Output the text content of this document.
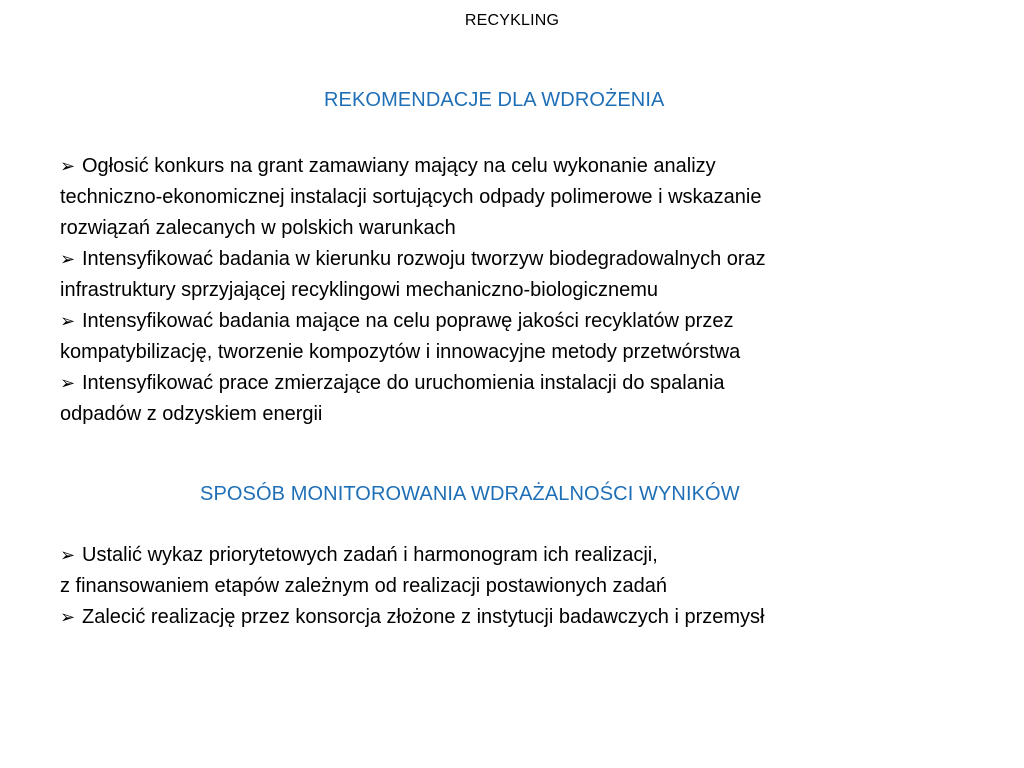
RECYKLING
REKOMENDACJE DLA WDROŻENIA
➢ Ogłosić konkurs na grant zamawiany mający na celu wykonanie analizy
techniczno-ekonomicznej instalacji sortujących odpady polimerowe i wskazanie
rozwiązań zalecanych w polskich warunkach
➢ Intensyfikować badania w kierunku rozwoju tworzyw biodegradowalnych oraz
infrastruktury sprzyjającej recyklingowi mechaniczno-biologicznemu
➢ Intensyfikować badania mające na celu poprawę jakości recyklatów przez
kompatybilizację, tworzenie kompozytów i innowacyjne metody przetwórstwa
➢ Intensyfikować prace zmierzające do uruchomienia instalacji do spalania
odpadów z odzyskiem energii
SPOSÓB MONITOROWANIA WDRAŻALNOŚCI WYNIKÓW
➢ Ustalić wykaz priorytetowych zadań i harmonogram ich realizacji,
z finansowaniem etapów zależnym od realizacji postawionych zadań
➢ Zalecić realizację przez konsorcja złożone z instytucji badawczych i przemysł
